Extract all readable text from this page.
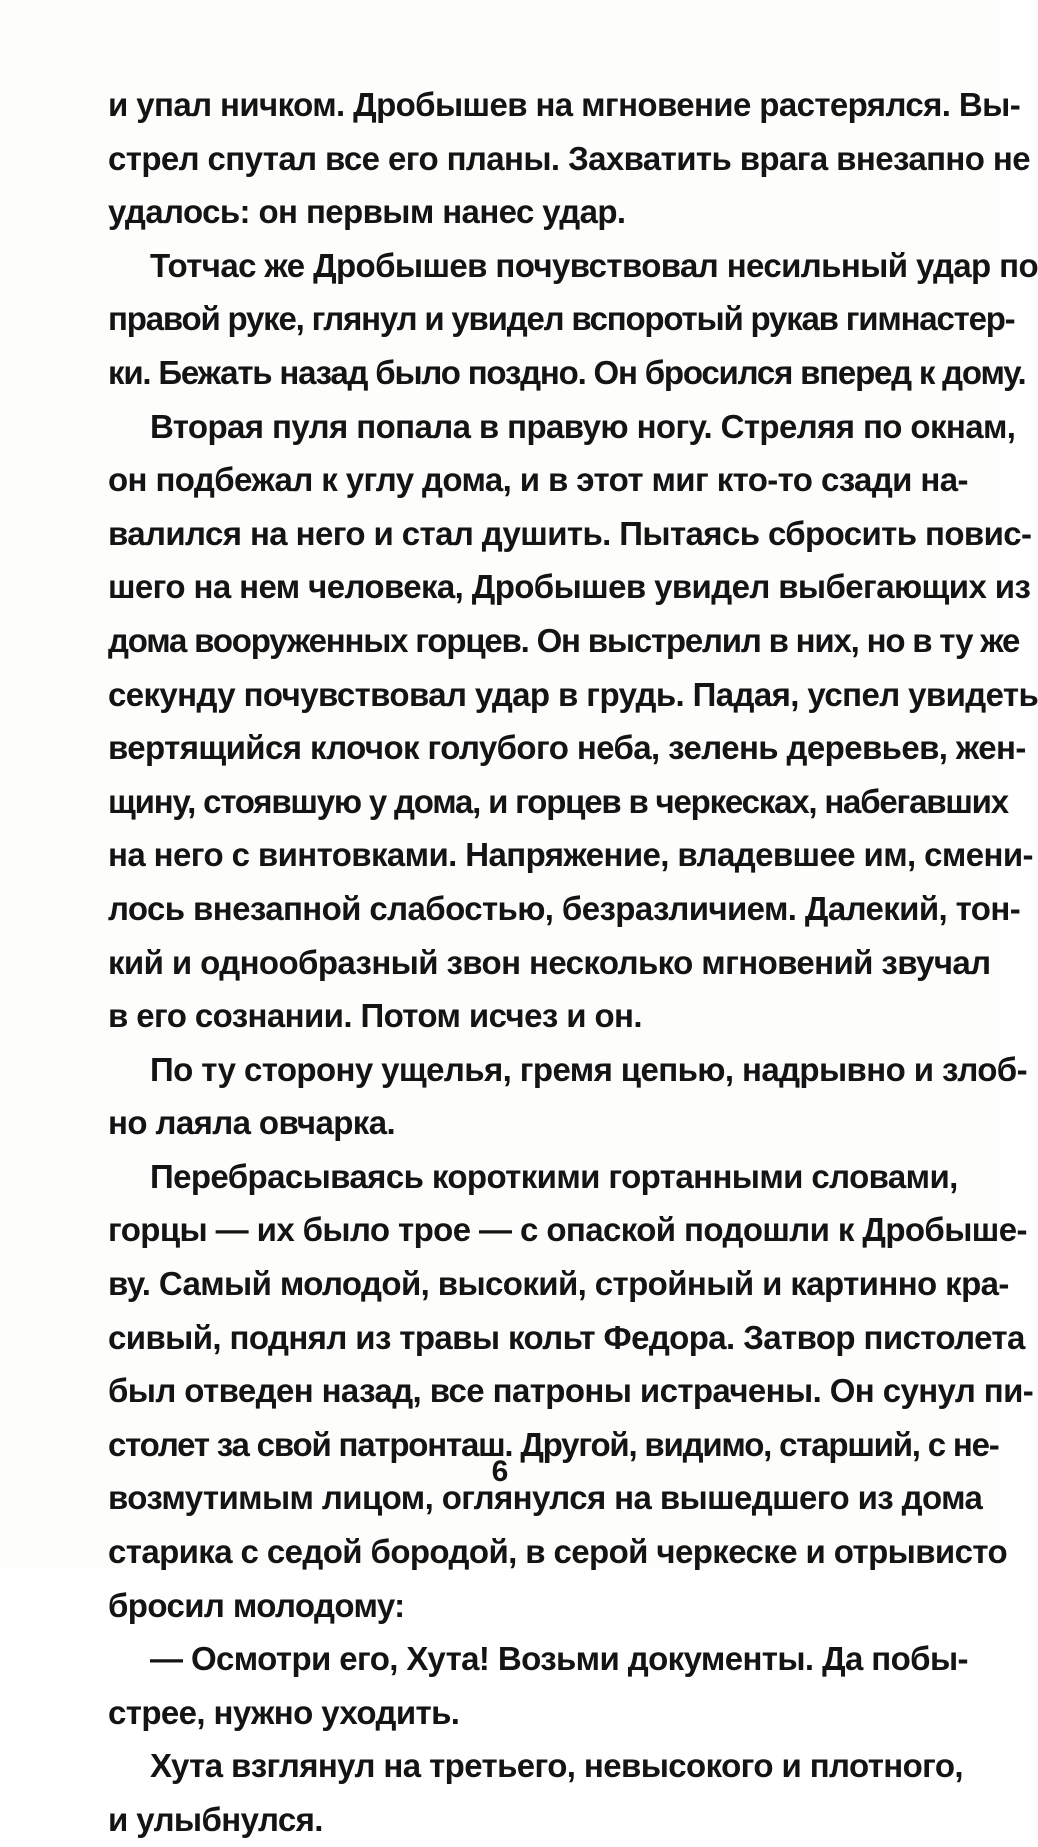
и упал ничком. Дробышев на мгновение растерялся. Вы-
стрел спутал все его планы. Захватить врага внезапно не
удалось: он первым нанес удар.
Тотчас же Дробышев почувствовал несильный удар по
правой руке, глянул и увидел вспоротый рукав гимнастер-
ки. Бежать назад было поздно. Он бросился вперед к дому.
Вторая пуля попала в правую ногу. Стреляя по окнам,
он подбежал к углу дома, и в этот миг кто-то сзади на-
валился на него и стал душить. Пытаясь сбросить повис-
шего на нем человека, Дробышев увидел выбегающих из
дома вооруженных горцев. Он выстрелил в них, но в ту же
секунду почувствовал удар в грудь. Падая, успел увидеть
вертящийся клочок голубого неба, зелень деревьев, жен-
щину, стоявшую у дома, и горцев в черкесках, набегавших
на него с винтовками. Напряжение, владевшее им, смени-
лось внезапной слабостью, безразличием. Далекий, тон-
кий и однообразный звон несколько мгновений звучал
в его сознании. Потом исчез и он.
По ту сторону ущелья, гремя цепью, надрывно и злоб-
но лаяла овчарка.
Перебрасываясь короткими гортанными словами,
горцы — их было трое — с опаской подошли к Дробыше-
ву. Самый молодой, высокий, стройный и картинно кра-
сивый, поднял из травы кольт Федора. Затвор пистолета
был отведен назад, все патроны истрачены. Он сунул пи-
столет за свой патронташ. Другой, видимо, старший, с не-
возмутимым лицом, оглянулся на вышедшего из дома
старика с седой бородой, в серой черкеске и отрывисто
бросил молодому:
— Осмотри его, Хута! Возьми документы. Да побы-
стрее, нужно уходить.
Хута взглянул на третьего, невысокого и плотного,
и улыбнулся.
6
